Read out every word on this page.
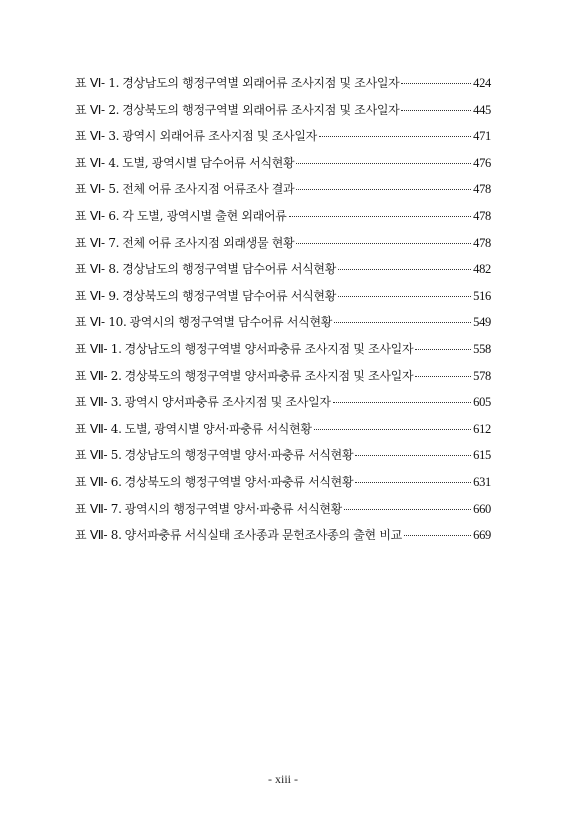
표 Ⅵ- 1. 경상남도의 행정구역별 외래어류 조사지점 및 조사일자	424
표 Ⅵ- 2. 경상북도의 행정구역별 외래어류 조사지점 및 조사일자	445
표 Ⅵ- 3. 광역시 외래어류 조사지점 및 조사일자	471
표 Ⅵ- 4. 도별, 광역시별 담수어류 서식현황	476
표 Ⅵ- 5. 전체 어류 조사지점 어류조사 결과	478
표 Ⅵ- 6. 각 도별, 광역시별 출현 외래어류	478
표 Ⅵ- 7. 전체 어류 조사지점 외래생물 현황	478
표 Ⅵ- 8. 경상남도의 행정구역별 담수어류 서식현황	482
표 Ⅵ- 9. 경상북도의 행정구역별 담수어류 서식현황	516
표 Ⅵ- 10. 광역시의 행정구역별 담수어류 서식현황	549
표 Ⅶ- 1. 경상남도의 행정구역별 양서파충류 조사지점 및 조사일자	558
표 Ⅶ- 2. 경상북도의 행정구역별 양서파충류 조사지점 및 조사일자	578
표 Ⅶ- 3. 광역시 양서파충류 조사지점 및 조사일자	605
표 Ⅶ- 4. 도별, 광역시별 양서·파충류 서식현황	612
표 Ⅶ- 5. 경상남도의 행정구역별 양서·파충류 서식현황	615
표 Ⅶ- 6. 경상북도의 행정구역별 양서·파충류 서식현황	631
표 Ⅶ- 7. 광역시의 행정구역별 양서·파충류 서식현황	660
표 Ⅶ- 8. 양서파충류 서식실태 조사종과 문헌조사종의 출현 비교	669
- xiii -
